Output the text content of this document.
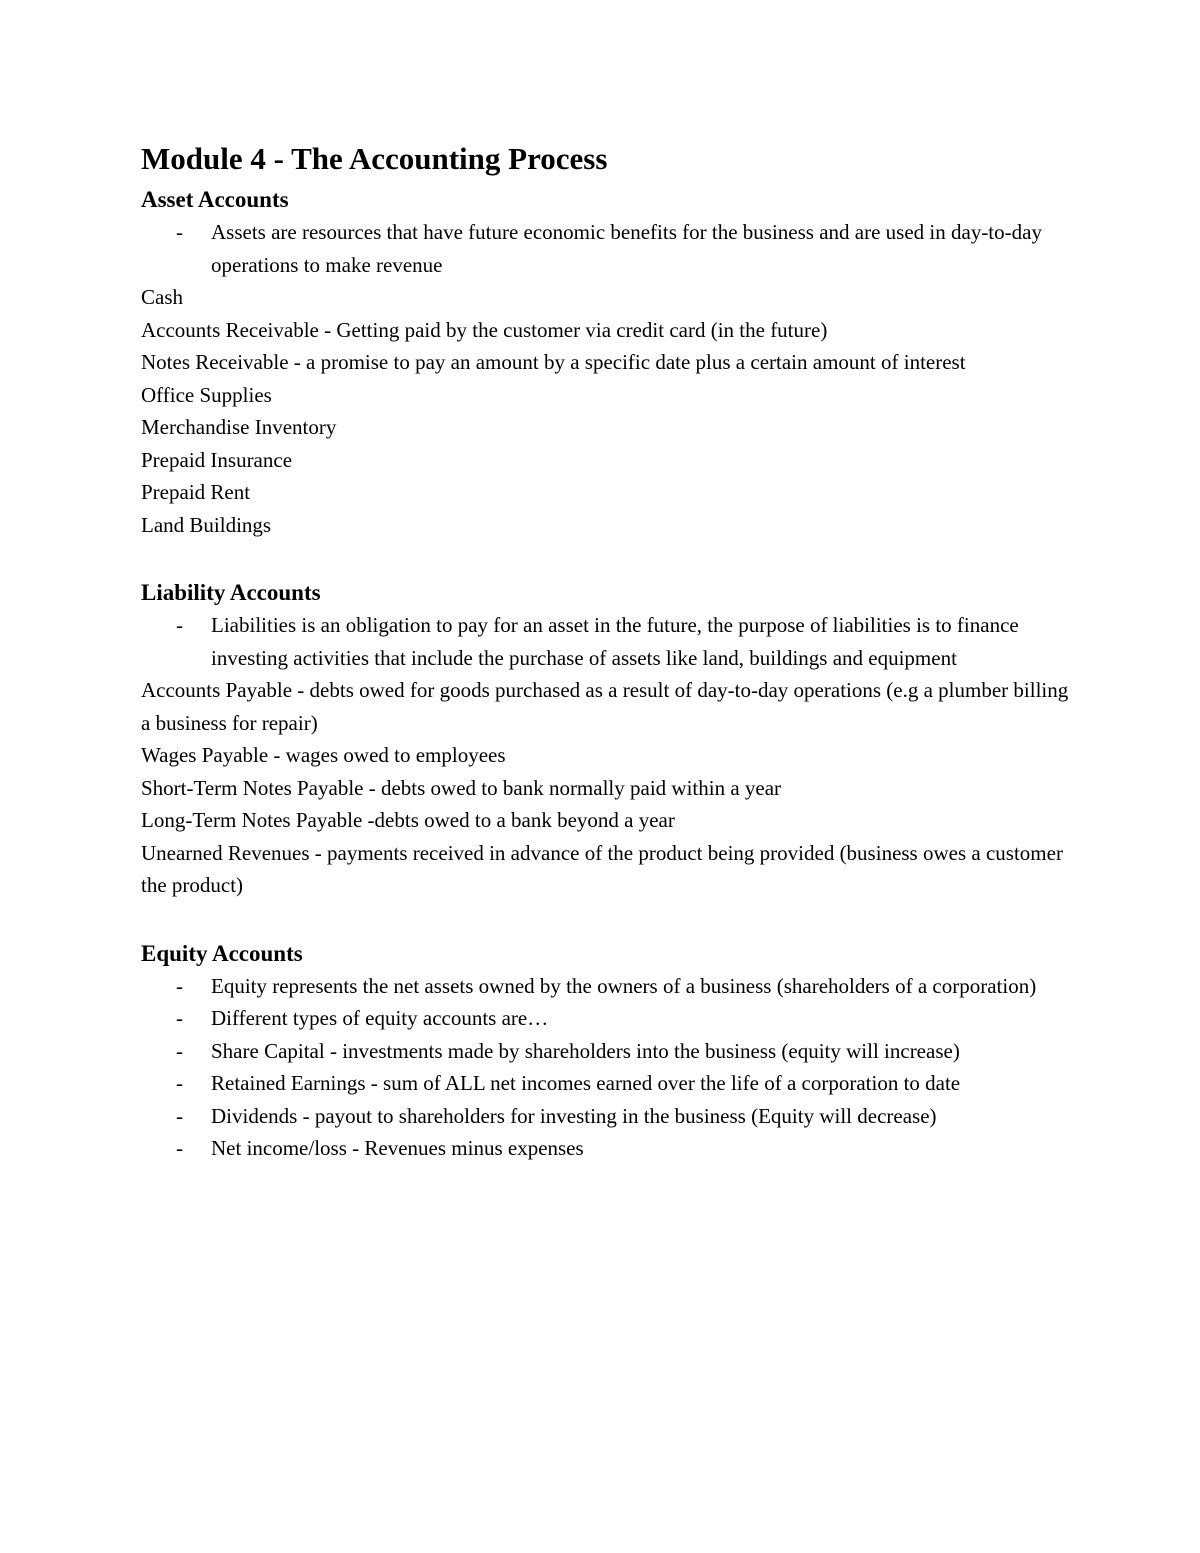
Module 4 - The Accounting Process
Asset Accounts
- Assets are resources that have future economic benefits for the business and are used in day-to-day operations to make revenue

Cash

Accounts Receivable - Getting paid by the customer via credit card (in the future)

Notes Receivable - a promise to pay an amount by a specific date plus a certain amount of interest

Office Supplies

Merchandise Inventory

Prepaid Insurance

Prepaid Rent

Land Buildings

Liability Accounts
- Liabilities is an obligation to pay for an asset in the future, the purpose of liabilities is to finance investing activities that include the purchase of assets like land, buildings and equipment

Accounts Payable - debts owed for goods purchased as a result of day-to-day operations (e.g a plumber billing a business for repair)

Wages Payable - wages owed to employees

Short-Term Notes Payable - debts owed to bank normally paid within a year

Long-Term Notes Payable -debts owed to a bank beyond a year

Unearned Revenues - payments received in advance of the product being provided (business owes a customer the product)

Equity Accounts
- Equity represents the net assets owned by the owners of a business (shareholders of a corporation)
- Different types of equity accounts are…
- Share Capital - investments made by shareholders into the business (equity will increase)
- Retained Earnings - sum of ALL net incomes earned over the life of a corporation to date
- Dividends - payout to shareholders for investing in the business (Equity will decrease)
- Net income/loss - Revenues minus expenses
